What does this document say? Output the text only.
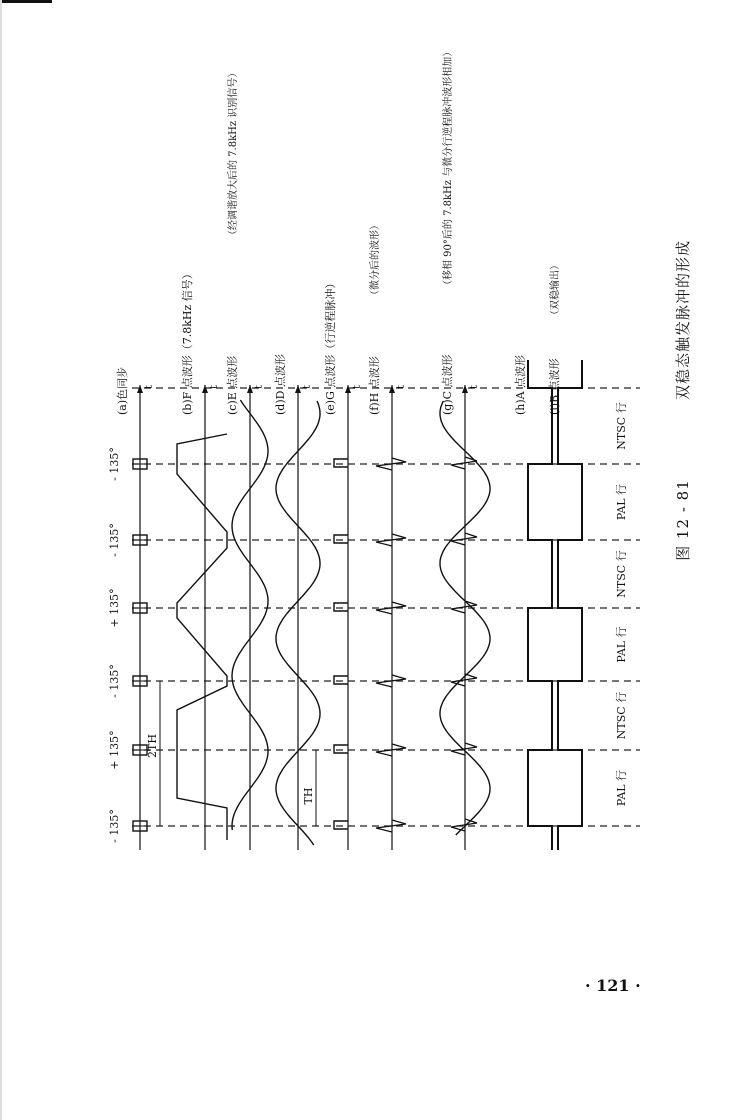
t	t	t	t	t	t	t
(a)色同步	(b)F 点波形（7.8kHz 信号）	(c)E 点波形
（经调谐放大后的 7.8kHz 识别信号）
(d)D 点波形	(e)G 点波形（行逆程脉冲）	(f)H 点波形
（微分后的波形）
(g)C 点波形
（移相 90°后的 7.8kHz 与微分行逆程脉冲波形相加）
(h)A 点波形 (i)B 点波形
（双稳输出）
- 135°
+ 135°
- 135°
+ 135°
- 135°
- 135°
PAL 行
NTSC 行
PAL 行
NTSC 行
PAL 行
NTSC 行
2TH
TH
图 12 - 81
双稳态触发脉冲的形成
· 121 ·
